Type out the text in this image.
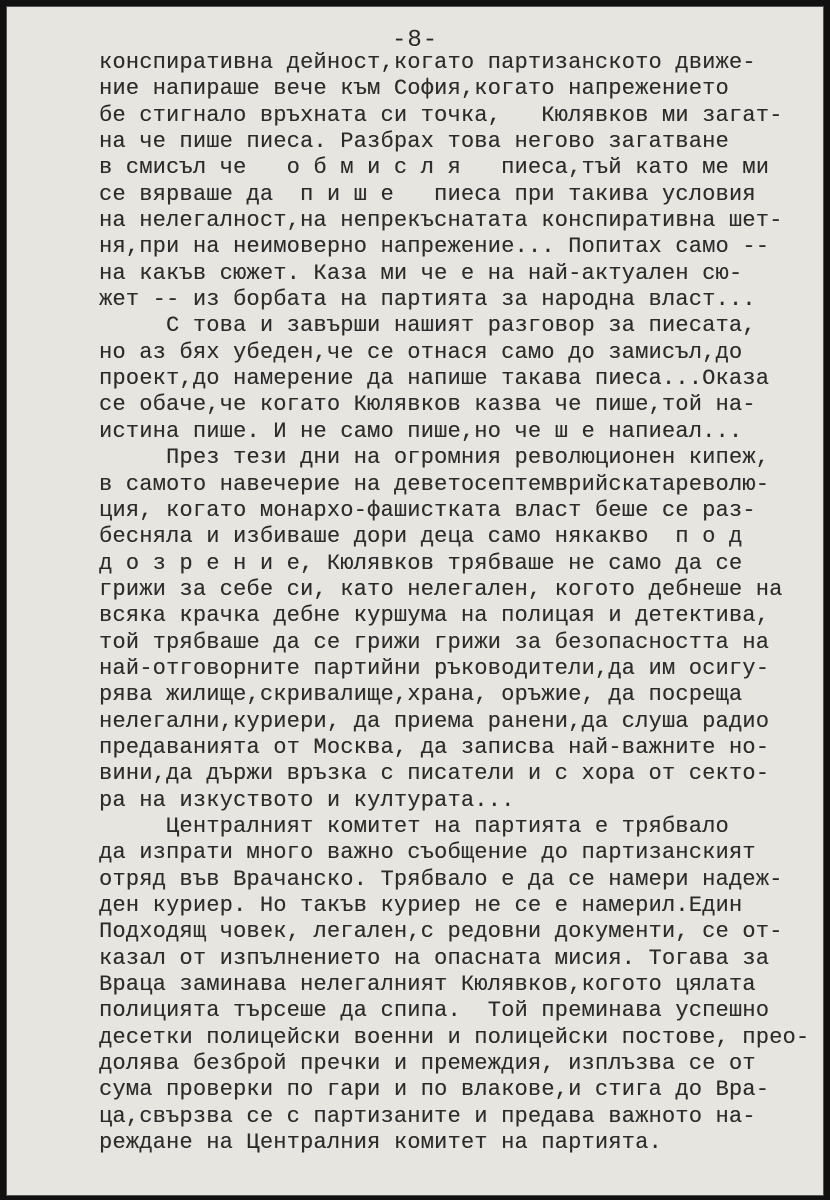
-8-
конспиративна дейност,когато партизанското движе-
ние напираше вече към София,когато напрежението
бе стигнало връхната си точка,   Кюлявков ми загат-
на че пише пиеса. Разбрах това негово загатване
в смисъл че   о б м и с л я   пиеса,тъй като ме ми
се вярваше да  п и ш е   пиеса при такива условия
на нелегалност,на непрекъснатата конспиративна шет-
ня,при на неимоверно напрежение... Попитах само --
на какъв сюжет. Каза ми че е на най-актуален сю-
жет -- из борбата на партията за народна власт...
С това и завърши нашият разговор за пиесата,
но аз бях убеден,че се отнася само до замисъл,до
проект,до намерение да напише такава пиеса...Оказа
се обаче,че когато Кюлявков казва че пише,той на-
истина пише. И не само пише,но че ш е напиеал...
През тези дни на огромния революционен кипеж,
в самото навечерие на деветосептемврийскатареволю-
ция, когато монархо-фашистката власт беше се раз-
беснялa и избиваше дори деца само някакво  п о д
д о з р е н и е, Кюлявков трябваше не само да се
грижи за себе си, като нелегален, когото дебнеше на
всяка крачка дебне куршума на полицая и детектива,
той трябваше да се грижи грижи за безопасността на
най-отговорните партийни ръководители,да им осигу-
рява жилище,скривалище,храна, оръжие, да посреща
нелегални,куриери, да приема ранени,да слуша радио
предаванията от Москва, да записва най-важните но-
вини,да държи връзка с писатели и с хора от секто-
ра на изкуството и културата...
Централният комитет на партията е трябвало
да изпрати много важно съобщение до партизанският
отряд във Врачанско. Трябвало е да се намери надеж-
ден куриер. Но такъв куриер не се е намерил.Един
Подходящ човек, легален,с редовни документи, се от-
казал от изпълнението на опасната мисия. Тогава за
Враца заминава нелегалният Кюлявков,когото цялата
полицията търсеше да спипа.  Той преминава успешно
десетки полицейски военни и полицейски постове, прео-
долява безброй пречки и премеждия, изплъзва се от
сума проверки по гари и по влакове,и стига до Вра-
ца,свързва се с партизаните и предава важното на-
реждане на Централния комитет на партията.
